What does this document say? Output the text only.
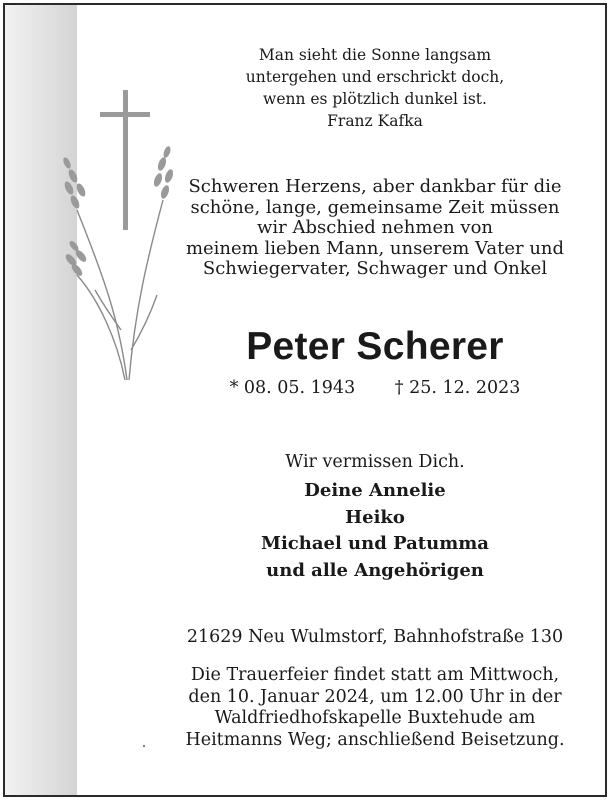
Man sieht die Sonne langsam
untergehen und erschrickt doch,
wenn es plötzlich dunkel ist.
Franz Kafka
Schweren Herzens, aber dankbar für die
schöne, lange, gemeinsame Zeit müssen
wir Abschied nehmen von
meinem lieben Mann, unserem Vater und
Schwiegervater, Schwager und Onkel
Peter Scherer
* 08. 05. 1943 † 25. 12. 2023
Wir vermissen Dich.
Deine Annelie
Heiko
Michael und Patumma
und alle Angehörigen
21629 Neu Wulmstorf, Bahnhofstraße 130
Die Trauerfeier findet statt am Mittwoch,
den 10. Januar 2024, um 12.00 Uhr in der
Waldfriedhofskapelle Buxtehude am
Heitmanns Weg; anschließend Beisetzung.
